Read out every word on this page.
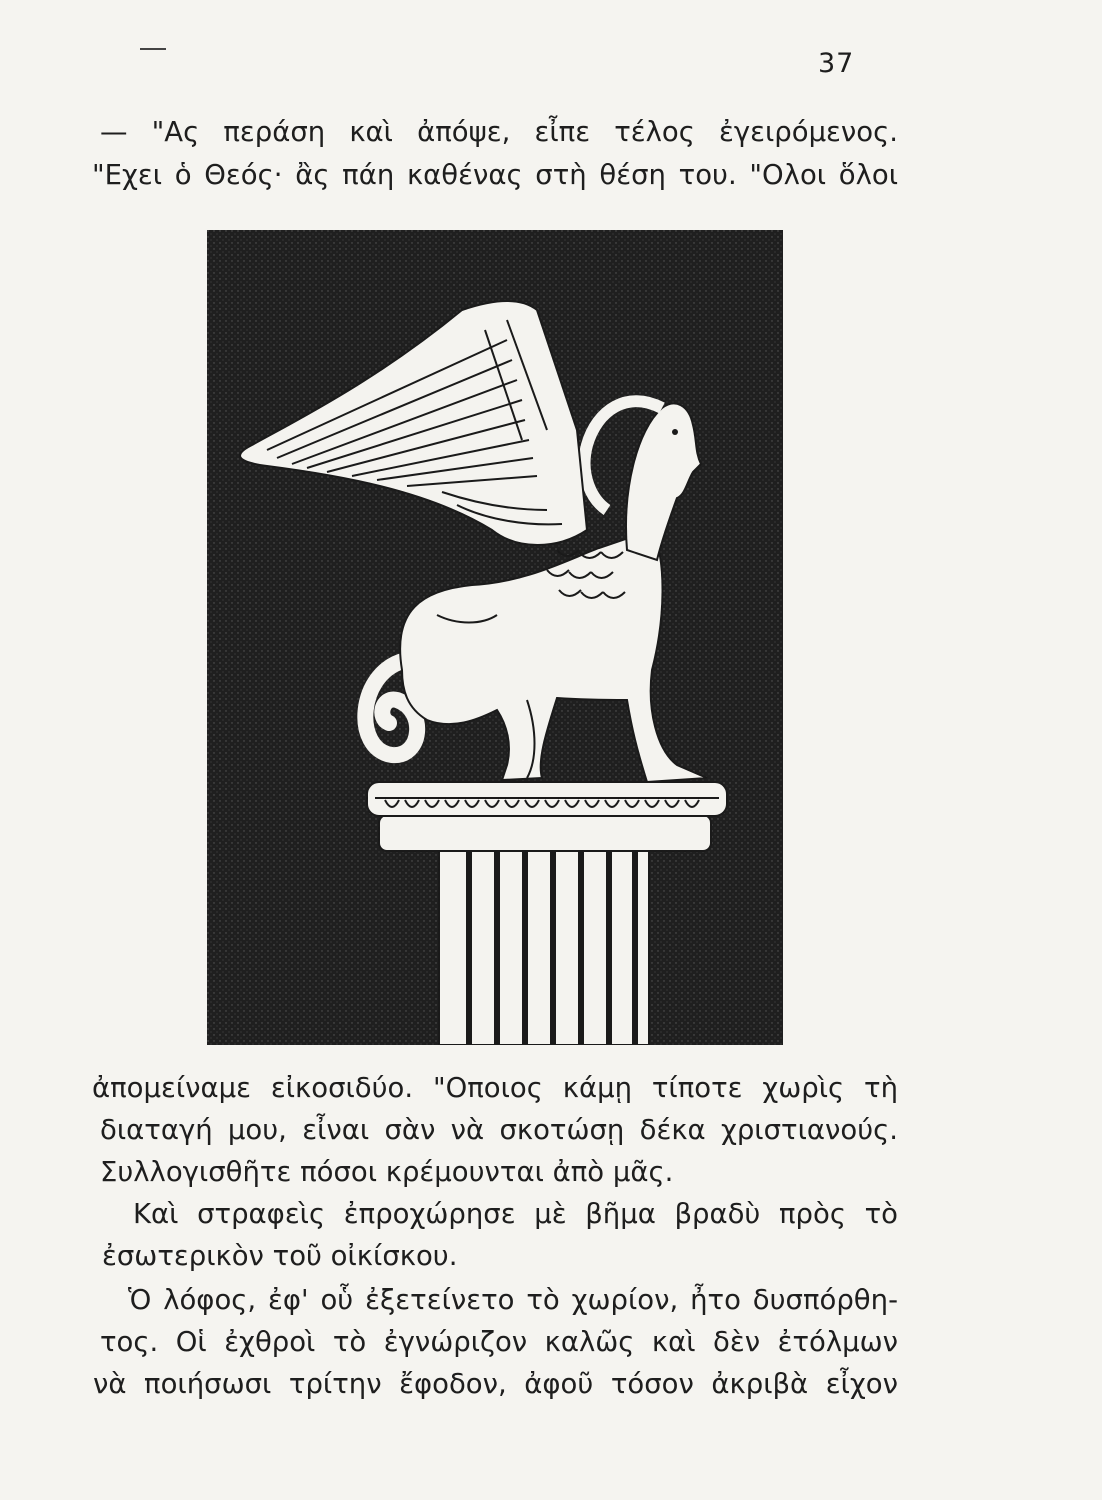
37
— "Ας περάση καὶ ἀπόψε, εἶπε τέλος ἐγειρόμενος.
"Εχει ὁ Θεός· ἂς πάη καθένας στὴ θέση του. "Ολοι ὅλοι
ἀπομείναμε εἰκοσιδύο. "Οποιος κάμῃ τίποτε χωρὶς τὴ
διαταγή μου, εἶναι σὰν νὰ σκοτώσῃ δέκα χριστιανούς.
Συλλογισθῆτε πόσοι κρέμουνται ἀπὸ μᾶς.
Καὶ στραφεὶς ἐπροχώρησε μὲ βῆμα βραδὺ πρὸς τὸ
ἐσωτερικὸν τοῦ οἰκίσκου.
Ὁ λόφος, ἐφ' οὗ ἐξετείνετο τὸ χωρίον, ἦτο δυσπόρθη-
τος. Οἱ ἐχθροὶ τὸ ἐγνώριζον καλῶς καὶ δὲν ἐτόλμων
νὰ ποιήσωσι τρίτην ἔφοδον, ἀφοῦ τόσον ἀκριβὰ εἶχον
